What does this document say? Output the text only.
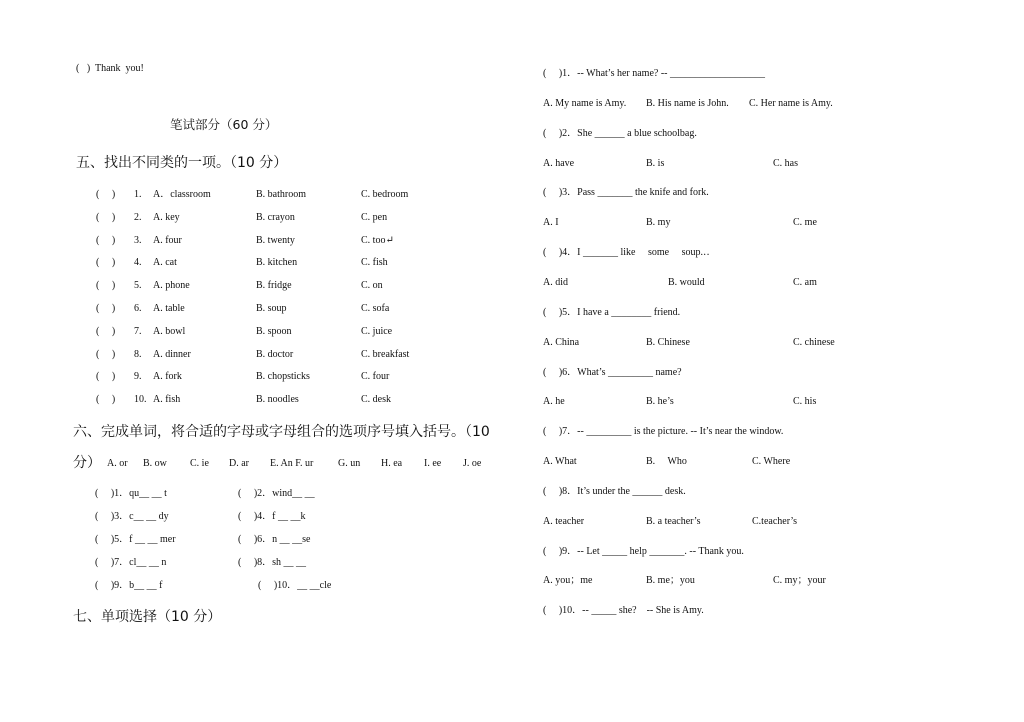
(   )  Thank  you!
笔试部分（60 分）
五、找出不同类的一项。（10 分）
(     ) 1. A．classroom	B. bathroom	C. bedroom
(     ) 2. A. key	B. crayon	C. pen
(     ) 3. A. four	B. twenty	C. too↵
(     ) 4. A. cat	B. kitchen	C. fish
(     ) 5. A. phone	B. fridge	C. on
(     ) 6. A. table	B. soup	C. sofa
(     ) 7. A. bowl	B. spoon	C. juice
(     ) 8. A. dinner	B. doctor	C. breakfast
(     ) 9. A. fork	B. chopsticks	C. four
(     ) 10. A. fish	B. noodles	C. desk
六、完成单词，将合适的字母或字母组合的选项序号填入括号。（10
分） A. or B. ow C. ie D. ar E. An F. ur G. un H. ea I. ee J. oe
(     )1．qu__ __ t	(     )2．wind__ __
(     )3．c__ __ dy	(     )4．f __ __k
(     )5．f __ __ mer	(     )6．n __ __se
(     )7．cl__ __ n	(     )8．sh __ __
(     )9．b__ __ f	(     )10．__ __cle
七、单项选择（10 分）
(     )1．-- What’s her name? -- ___________________
A. My name is Amy. B. His name is John. C. Her name is Amy.
(     )2．She ______ a blue schoolbag.
A. have	B. is	C. has
(     )3．Pass _______ the knife and fork.
A. I	B. my	C. me
(     )4．I _______ like     some     soup.․․
A. did	B. would	C. am
(     )5．I have a ________ friend.
A. China	B. Chinese	C. chinese
(     )6．What’s _________ name?
A. he	B. he’s	C. his
(     )7．-- _________ is the picture. -- It’s near the window.
A. What	B.     Who	C. Where
(     )8．It’s under the ______ desk.
A. teacher	B. a teacher’s	C.teacher’s
(     )9．-- Let _____ help _______. -- Thank you.
A. you；me	B. me；you	C. my；your
(     )10．-- _____ she?    -- She is Amy.
